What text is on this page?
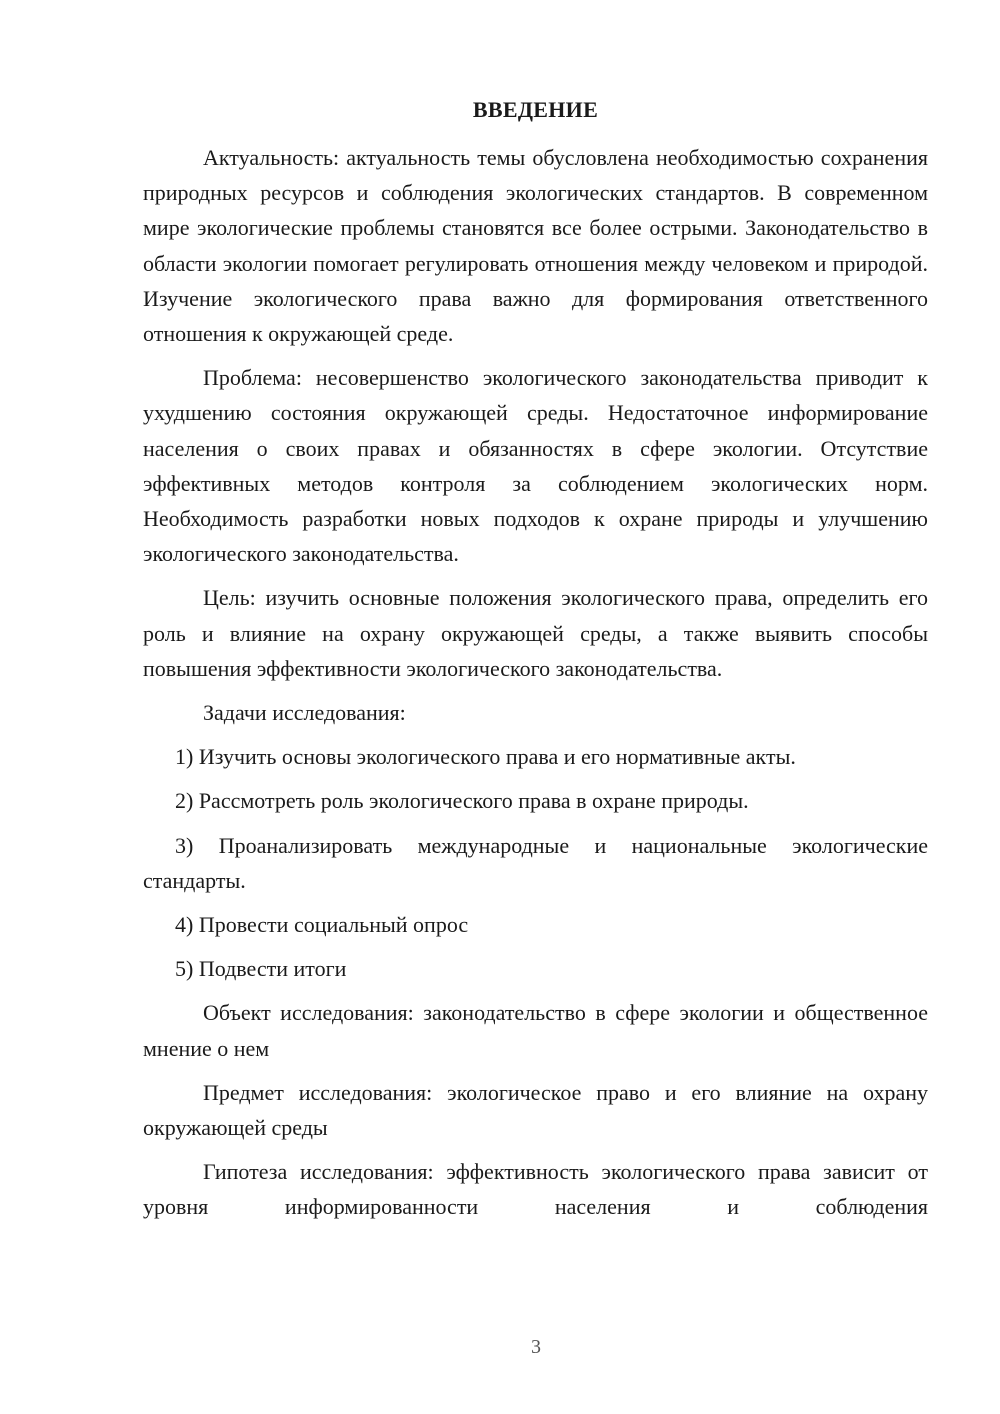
ВВЕДЕНИЕ

Актуальность: актуальность темы обусловлена необходимостью сохранения природных ресурсов и соблюдения экологических стандартов. В современном мире экологические проблемы становятся все более острыми. Законодательство в области экологии помогает регулировать отношения между человеком и природой. Изучение экологического права важно для формирования ответственного отношения к окружающей среде.

Проблема: несовершенство экологического законодательства приводит к ухудшению состояния окружающей среды. Недостаточное информирование населения о своих правах и обязанностях в сфере экологии. Отсутствие эффективных методов контроля за соблюдением экологических норм. Необходимость разработки новых подходов к охране природы и улучшению экологического законодательства.

Цель: изучить основные положения экологического права, определить его роль и влияние на охрану окружающей среды, а также выявить способы повышения эффективности экологического законодательства.

Задачи исследования:

1) Изучить основы экологического права и его нормативные акты.

2) Рассмотреть роль экологического права в охране природы.

3) Проанализировать международные и национальные экологические стандарты.

4) Провести социальный опрос

5) Подвести итоги

Объект исследования: законодательство в сфере экологии и общественное мнение о нем

Предмет исследования: экологическое право и его влияние на охрану окружающей среды

Гипотеза исследования: эффективность экологического права зависит от уровня информированности населения и соблюдения

3
